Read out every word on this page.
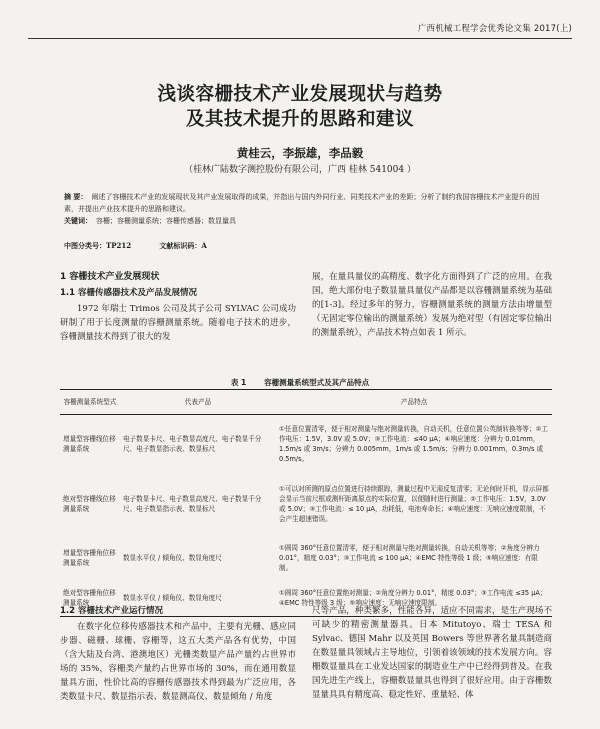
广西机械工程学会优秀论文集 2017(上)
浅谈容栅技术产业发展现状与趋势
及其技术提升的思路和建议
黄桂云，李振雄，李品毅
（桂林广陆数字测控股份有限公司，广西 桂林 541004 ）
摘 要： 阐述了容栅技术产业的发展现状及其产业发展取得的成果，并指出与国内外同行业、同类技术产业的差距；分析了制约我国容栅技术产业提升的因素，并提出产业技术提升的思路和建议。
关键词： 容栅；容栅测量系统；容栅传感器；数显量具
中图分类号：TP212	文献标识码：A
1 容栅技术产业发展现状
1.1 容栅传感器技术及产品发展情况

1972 年瑞士 Trimos 公司及其子公司 SYLVAC 公司成功研制了用于长度测量的容栅测量系统。随着电子技术的进步，容栅测量技术得到了很大的发

展，在量具量仪的高精度、数字化方面得到了广泛的应用。在我国，绝大部份电子数显量具量仪产品都是以容栅测量系统为基础的[1-3]。经过多年的努力，容栅测量系统的测量方法由增量型（无固定零位输出的测量系统）发展为绝对型（有固定零位输出的测量系统），产品技术特点如表 1 所示。

表 1 容栅测量系统型式及其产品特点
容栅测量系统型式	代表产品	产品特点
增量型容栅线位移测量系统	电子数显卡尺、电子数显高度尺、电子数显千分尺、电子数显指示表、数显标尺	①任意位置清零，便于相对测量与绝对测量转换，自动关机，任意位置公英制转换等等；②工作电压：1.5V，3.0V 或 5.0V；③工作电流：≤40 μA；④响应速度：分辨力 0.01mm，1.5m/s 或 3m/s；分辨力 0.005mm，1m/s 或 1.5m/s；分辨力 0.001mm，0.3m/s 或 0.5m/s。
绝对型容栅线位移测量系统	电子数显卡尺、电子数显高度尺、电子数显千分尺、电子数显指示表、数显标尺	①可以对所测的原点位置进行持续跟踪，测量过程中无需反复清零；无论何时开机，显示屏都会显示当前尺框或测杆距离原点的实际位置，以便随时进行测量；②工作电压：1.5V，3.0V 或 5.0V；③工作电流：≤ 10 μA，功耗低，电池寿命长；④响应速度：无响应速度限制，不会产生超速错误。
增量型容栅角位移测量系统	数显水平仪 / 倾角仪、数显角度尺	①圆周 360°任意位置清零，便于相对测量与绝对测量转换，自动关机等等；②角度分辨力 0.01°，精度 0.03°；③工作电流 ≤ 100 μA；④EMC 特性等级 1 级；⑤响应速度：有限制。
绝对型容栅角位移测量系统	数显水平仪 / 倾角仪、数显角度尺	①圆周 360°任意位置绝对测量；②角度分辨力 0.01°，精度 0.03°；③工作电流 ≤35 μA；④EMC 特性等级 3 级；⑤响应速度：无响应速度限制。
1.2 容栅技术产业运行情况

在数字化位移传感器技术和产品中，主要有光栅、感应同步器、磁栅、球栅、容栅等，这五大类产品各有优势，中国（含大陆及台湾、港澳地区）光栅类数显产品产量约占世界市场的 35%，容栅类产量约占世界市场的 30%，而在通用数显量具方面，性价比高的容栅传感器技术得到最为广泛应用，各类数显卡尺、数显指示表、数显测高仪、数显倾角 / 角度

尺等产品，种类繁多，性能各异，适应不同需求，是生产现场不可缺少的精密测量器具。日本 Mitutoyo、瑞士 TESA 和 Sylvac、德国 Mahr 以及英国 Bowers 等世界著名量具制造商在数显量具领域占主导地位，引领着该领域的技术发展方向。容栅数显量具在工业发达国家的制造业生产中已经得到普及。在我国先进生产线上，容栅数显量具也得到了很好应用。由于容栅数显量具具有精度高、稳定性好、重量轻、体
